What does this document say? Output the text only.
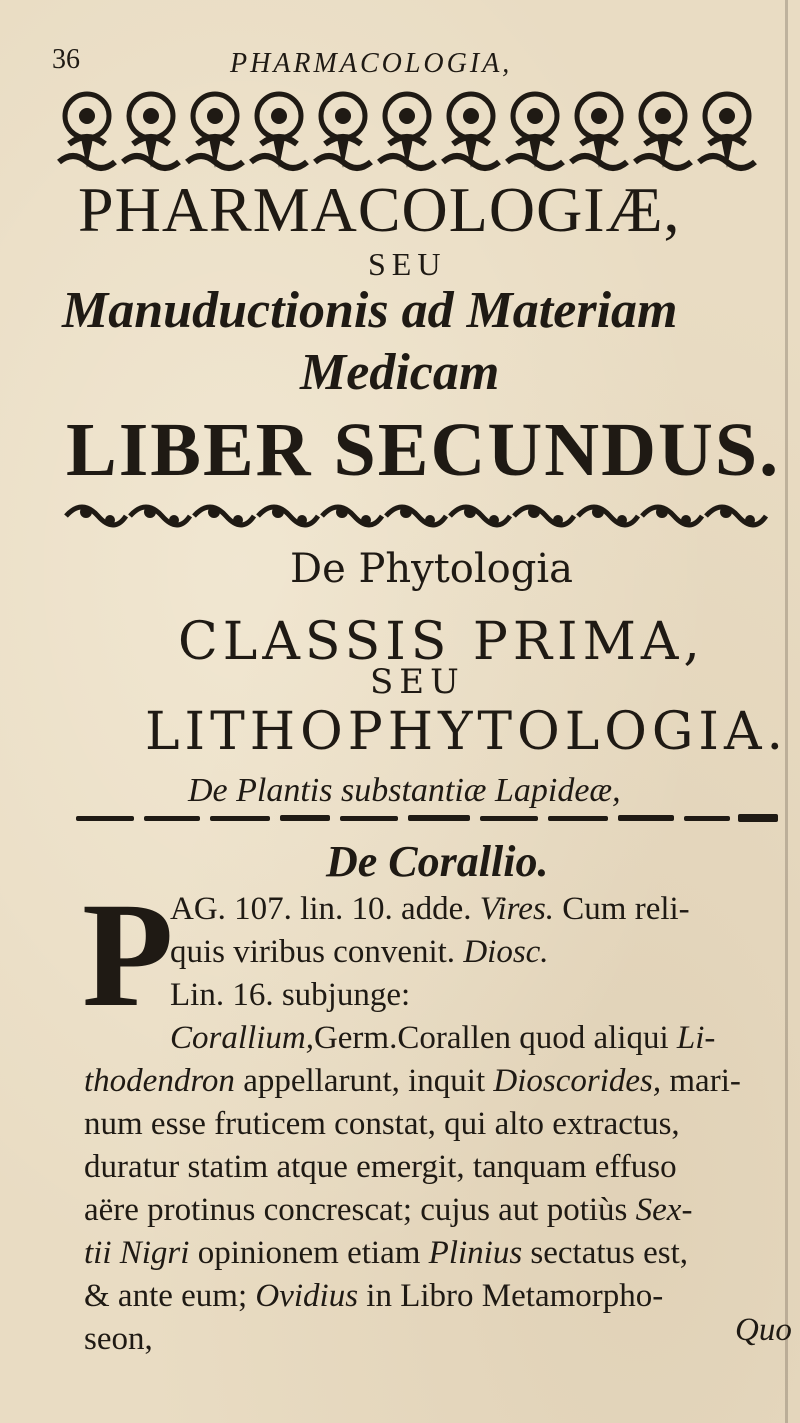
36	PHARMACOLOGIA,
PHARMACOLOGIÆ,
SEU
Manuductionis ad Materiam
Medicam
LIBER SECUNDUS.
De Phytologia
CLASSIS PRIMA,
SEU
LITHOPHYTOLOGIA.
De Plantis substantiæ Lapideæ,
De Corallio.
P
AG. 107. lin. 10. adde. Vires. Cum reli-
quis viribus convenit. Diosc.
Lin. 16. subjunge:
Corallium,Germ.Corallen quod aliqui Li-
thodendron appellarunt, inquit Dioscorides, mari-
num esse fruticem constat, qui alto extractus,
duratur statim atque emergit, tanquam effuso
aëre protinus concrescat; cujus aut potiùs Sex-
tii Nigri opinionem etiam Plinius sectatus est,
& ante eum; Ovidius in Libro Metamorpho-
seon,	Quo
